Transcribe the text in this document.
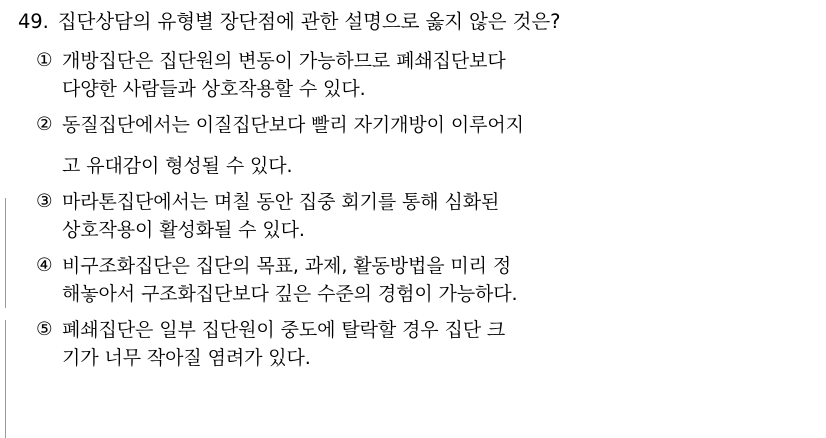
49. 집단상담의 유형별 장단점에 관한 설명으로 옳지 않은 것은?
① 개방집단은 집단원의 변동이 가능하므로 폐쇄집단보다
다양한 사람들과 상호작용할 수 있다.
② 동질집단에서는 이질집단보다 빨리 자기개방이 이루어지
고 유대감이 형성될 수 있다.
③ 마라톤집단에서는 며칠 동안 집중 회기를 통해 심화된
상호작용이 활성화될 수 있다.
④ 비구조화집단은 집단의 목표, 과제, 활동방법을 미리 정
해놓아서 구조화집단보다 깊은 수준의 경험이 가능하다.
⑤ 폐쇄집단은 일부 집단원이 중도에 탈락할 경우 집단 크
기가 너무 작아질 염려가 있다.
